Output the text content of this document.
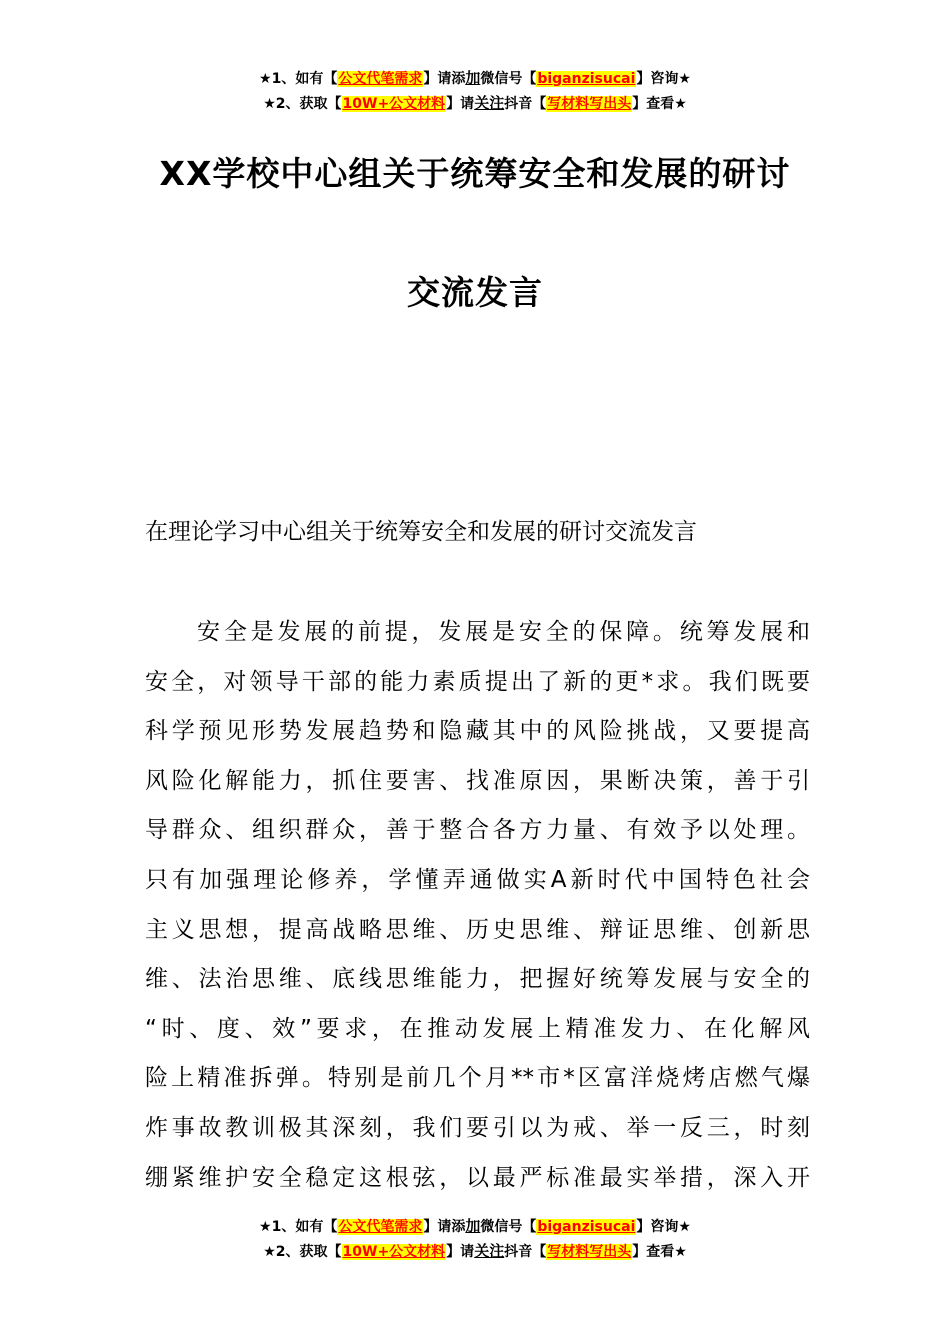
★1、如有【公文代笔需求】请添加微信号【biganzisucai】咨询★
★2、获取【10W+公文材料】请关注抖音【写材料写出头】查看★
XX学校中心组关于统筹安全和发展的研讨
交流发言
在理论学习中心组关于统筹安全和发展的研讨交流发言
安全是发展的前提，发展是安全的保障。统筹发展和
安全，对领导干部的能力素质提出了新的更*求。我们既要
科学预见形势发展趋势和隐藏其中的风险挑战，又要提高
风险化解能力，抓住要害、找准原因，果断决策，善于引
导群众、组织群众，善于整合各方力量、有效予以处理。
只有加强理论修养，学懂弄通做实A新时代中国特色社会
主义思想，提高战略思维、历史思维、辩证思维、创新思
维、法治思维、底线思维能力，把握好统筹发展与安全的
“时、度、效”要求，在推动发展上精准发力、在化解风
险上精准拆弹。特别是前几个月**市*区富洋烧烤店燃气爆
炸事故教训极其深刻，我们要引以为戒、举一反三，时刻
绷紧维护安全稳定这根弦，以最严标准最实举措，深入开
★1、如有【公文代笔需求】请添加微信号【biganzisucai】咨询★
★2、获取【10W+公文材料】请关注抖音【写材料写出头】查看★
